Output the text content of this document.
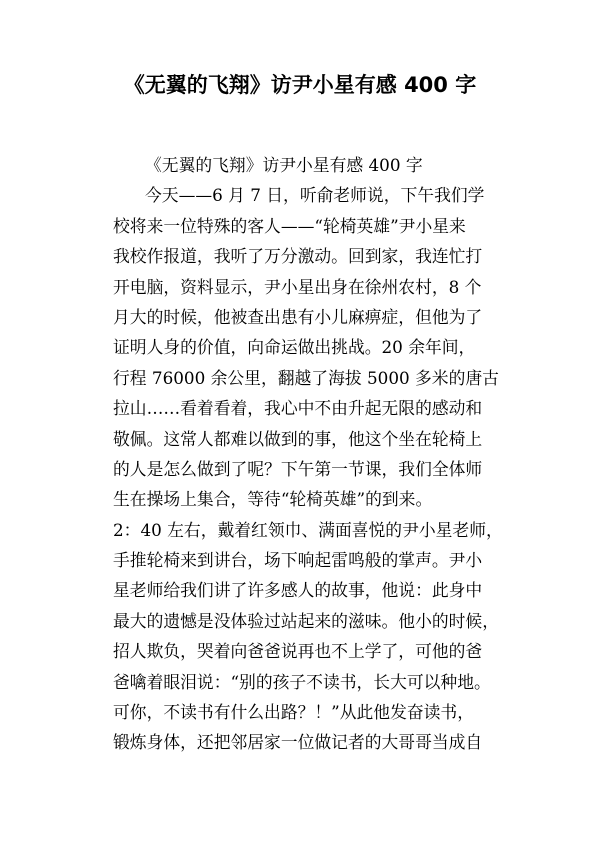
《无翼的飞翔》访尹小星有感 400 字
《无翼的飞翔》访尹小星有感 400 字
今天——6 月 7 日，听俞老师说，下午我们学
校将来一位特殊的客人——“轮椅英雄”尹小星来
我校作报道，我听了万分激动。回到家，我连忙打
开电脑，资料显示，尹小星出身在徐州农村，8 个
月大的时候，他被查出患有小儿麻痹症，但他为了
证明人身的价值，向命运做出挑战。20 余年间，
行程 76000 余公里，翻越了海拔 5000 多米的唐古
拉山……看着看着，我心中不由升起无限的感动和
敬佩。这常人都难以做到的事，他这个坐在轮椅上
的人是怎么做到了呢？下午第一节课，我们全体师
生在操场上集合，等待“轮椅英雄”的到来。
2：40 左右，戴着红领巾、满面喜悦的尹小星老师，
手推轮椅来到讲台，场下响起雷鸣般的掌声。尹小
星老师给我们讲了许多感人的故事，他说：此身中
最大的遗憾是没体验过站起来的滋味。他小的时候，
招人欺负，哭着向爸爸说再也不上学了，可他的爸
爸噙着眼泪说：“别的孩子不读书，长大可以种地。
可你，不读书有什么出路？！”从此他发奋读书，
锻炼身体，还把邻居家一位做记者的大哥哥当成自
